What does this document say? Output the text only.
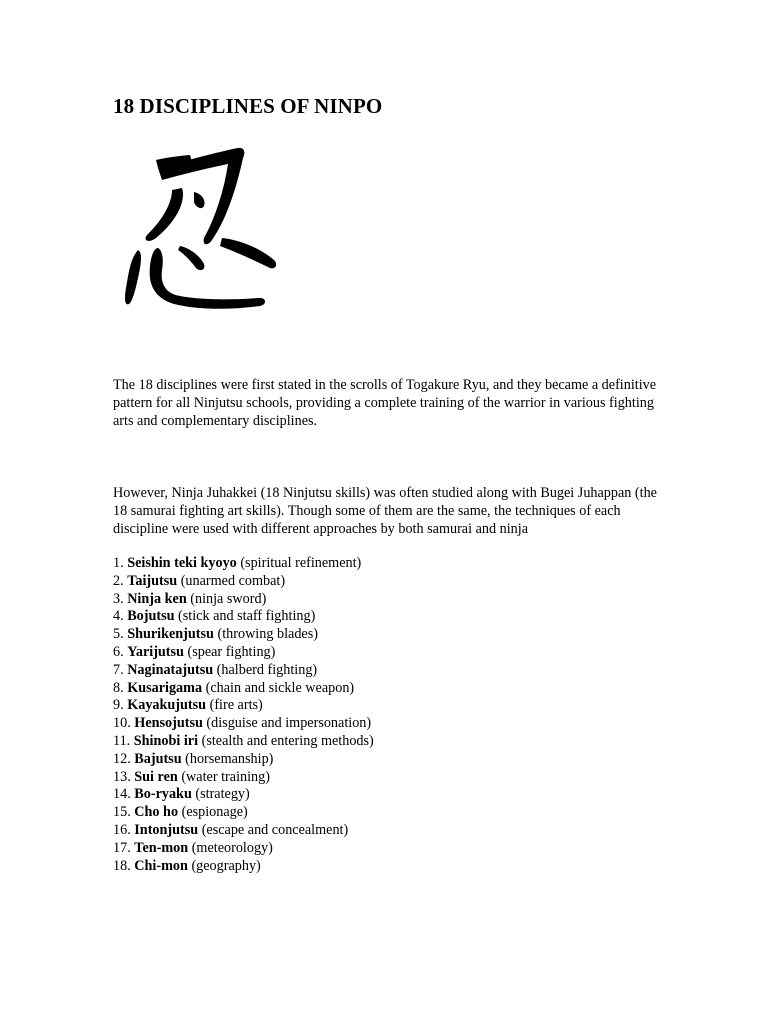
18 DISCIPLINES OF NINPO

The 18 disciplines were first stated in the scrolls of Togakure Ryu, and they became a definitive pattern for all Ninjutsu schools, providing a complete training of the warrior in various fighting arts and complementary disciplines.

However, Ninja Juhakkei (18 Ninjutsu skills) was often studied along with Bugei Juhappan (the 18 samurai fighting art skills). Though some of them are the same, the techniques of each discipline were used with different approaches by both samurai and ninja

1. Seishin teki kyoyo (spiritual refinement)
2. Taijutsu (unarmed combat)
3. Ninja ken (ninja sword)
4. Bojutsu (stick and staff fighting)
5. Shurikenjutsu (throwing blades)
6. Yarijutsu (spear fighting)
7. Naginatajutsu (halberd fighting)
8. Kusarigama (chain and sickle weapon)
9. Kayakujutsu (fire arts)
10. Hensojutsu (disguise and impersonation)
11. Shinobi iri (stealth and entering methods)
12. Bajutsu (horsemanship)
13. Sui ren (water training)
14. Bo-ryaku (strategy)
15. Cho ho (espionage)
16. Intonjutsu (escape and concealment)
17. Ten-mon (meteorology)
18. Chi-mon (geography)
